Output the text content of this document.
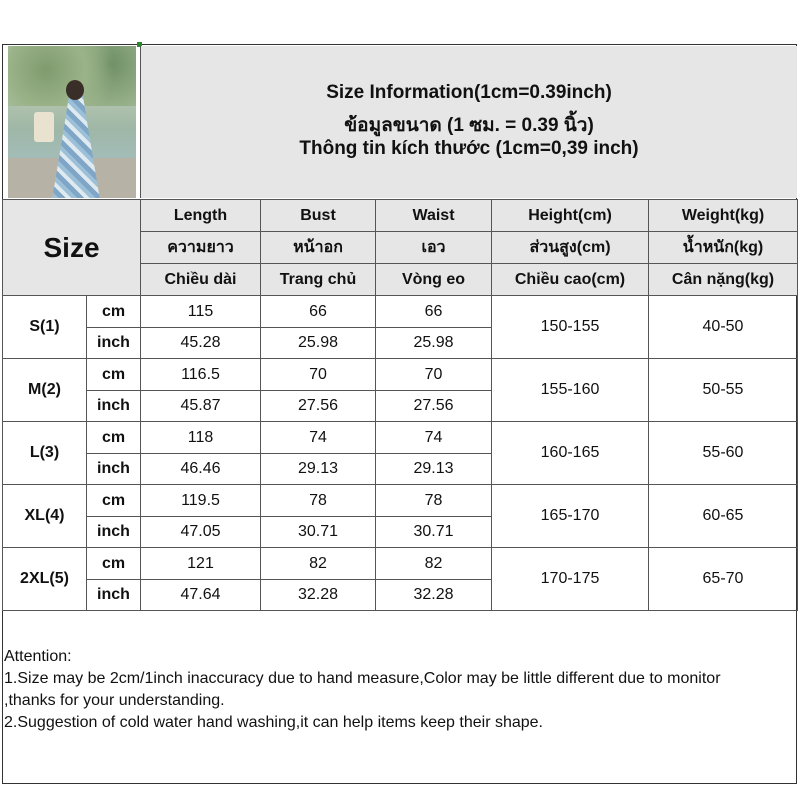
Size Information(1cm=0.39inch)
ข้อมูลขนาด (1 ซม. = 0.39 นิ้ว)
Thông tin kích thước (1cm=0,39 inch)
Size		Length	Bust	Waist	Height(cm)	Weight(kg)
		ความยาว	หน้าอก	เอว	ส่วนสูง(cm)	น้ำหนัก(kg)
		Chiều dài	Trang chủ	Vòng eo	Chiều cao(cm)	Cân nặng(kg)
S(1)	cm	115	66	66	150-155	40-50
	inch	45.28	25.98	25.98		
M(2)	cm	116.5	70	70	155-160	50-55
	inch	45.87	27.56	27.56		
L(3)	cm	118	74	74	160-165	55-60
	inch	46.46	29.13	29.13		
XL(4)	cm	119.5	78	78	165-170	60-65
	inch	47.05	30.71	30.71		
2XL(5)	cm	121	82	82	170-175	65-70
	inch	47.64	32.28	32.28		
Attention:
1.Size may be 2cm/1inch inaccuracy due to hand measure,Color may be little different due to monitor
,thanks for your understanding.
2.Suggestion of cold water hand washing,it can help items keep their shape.
